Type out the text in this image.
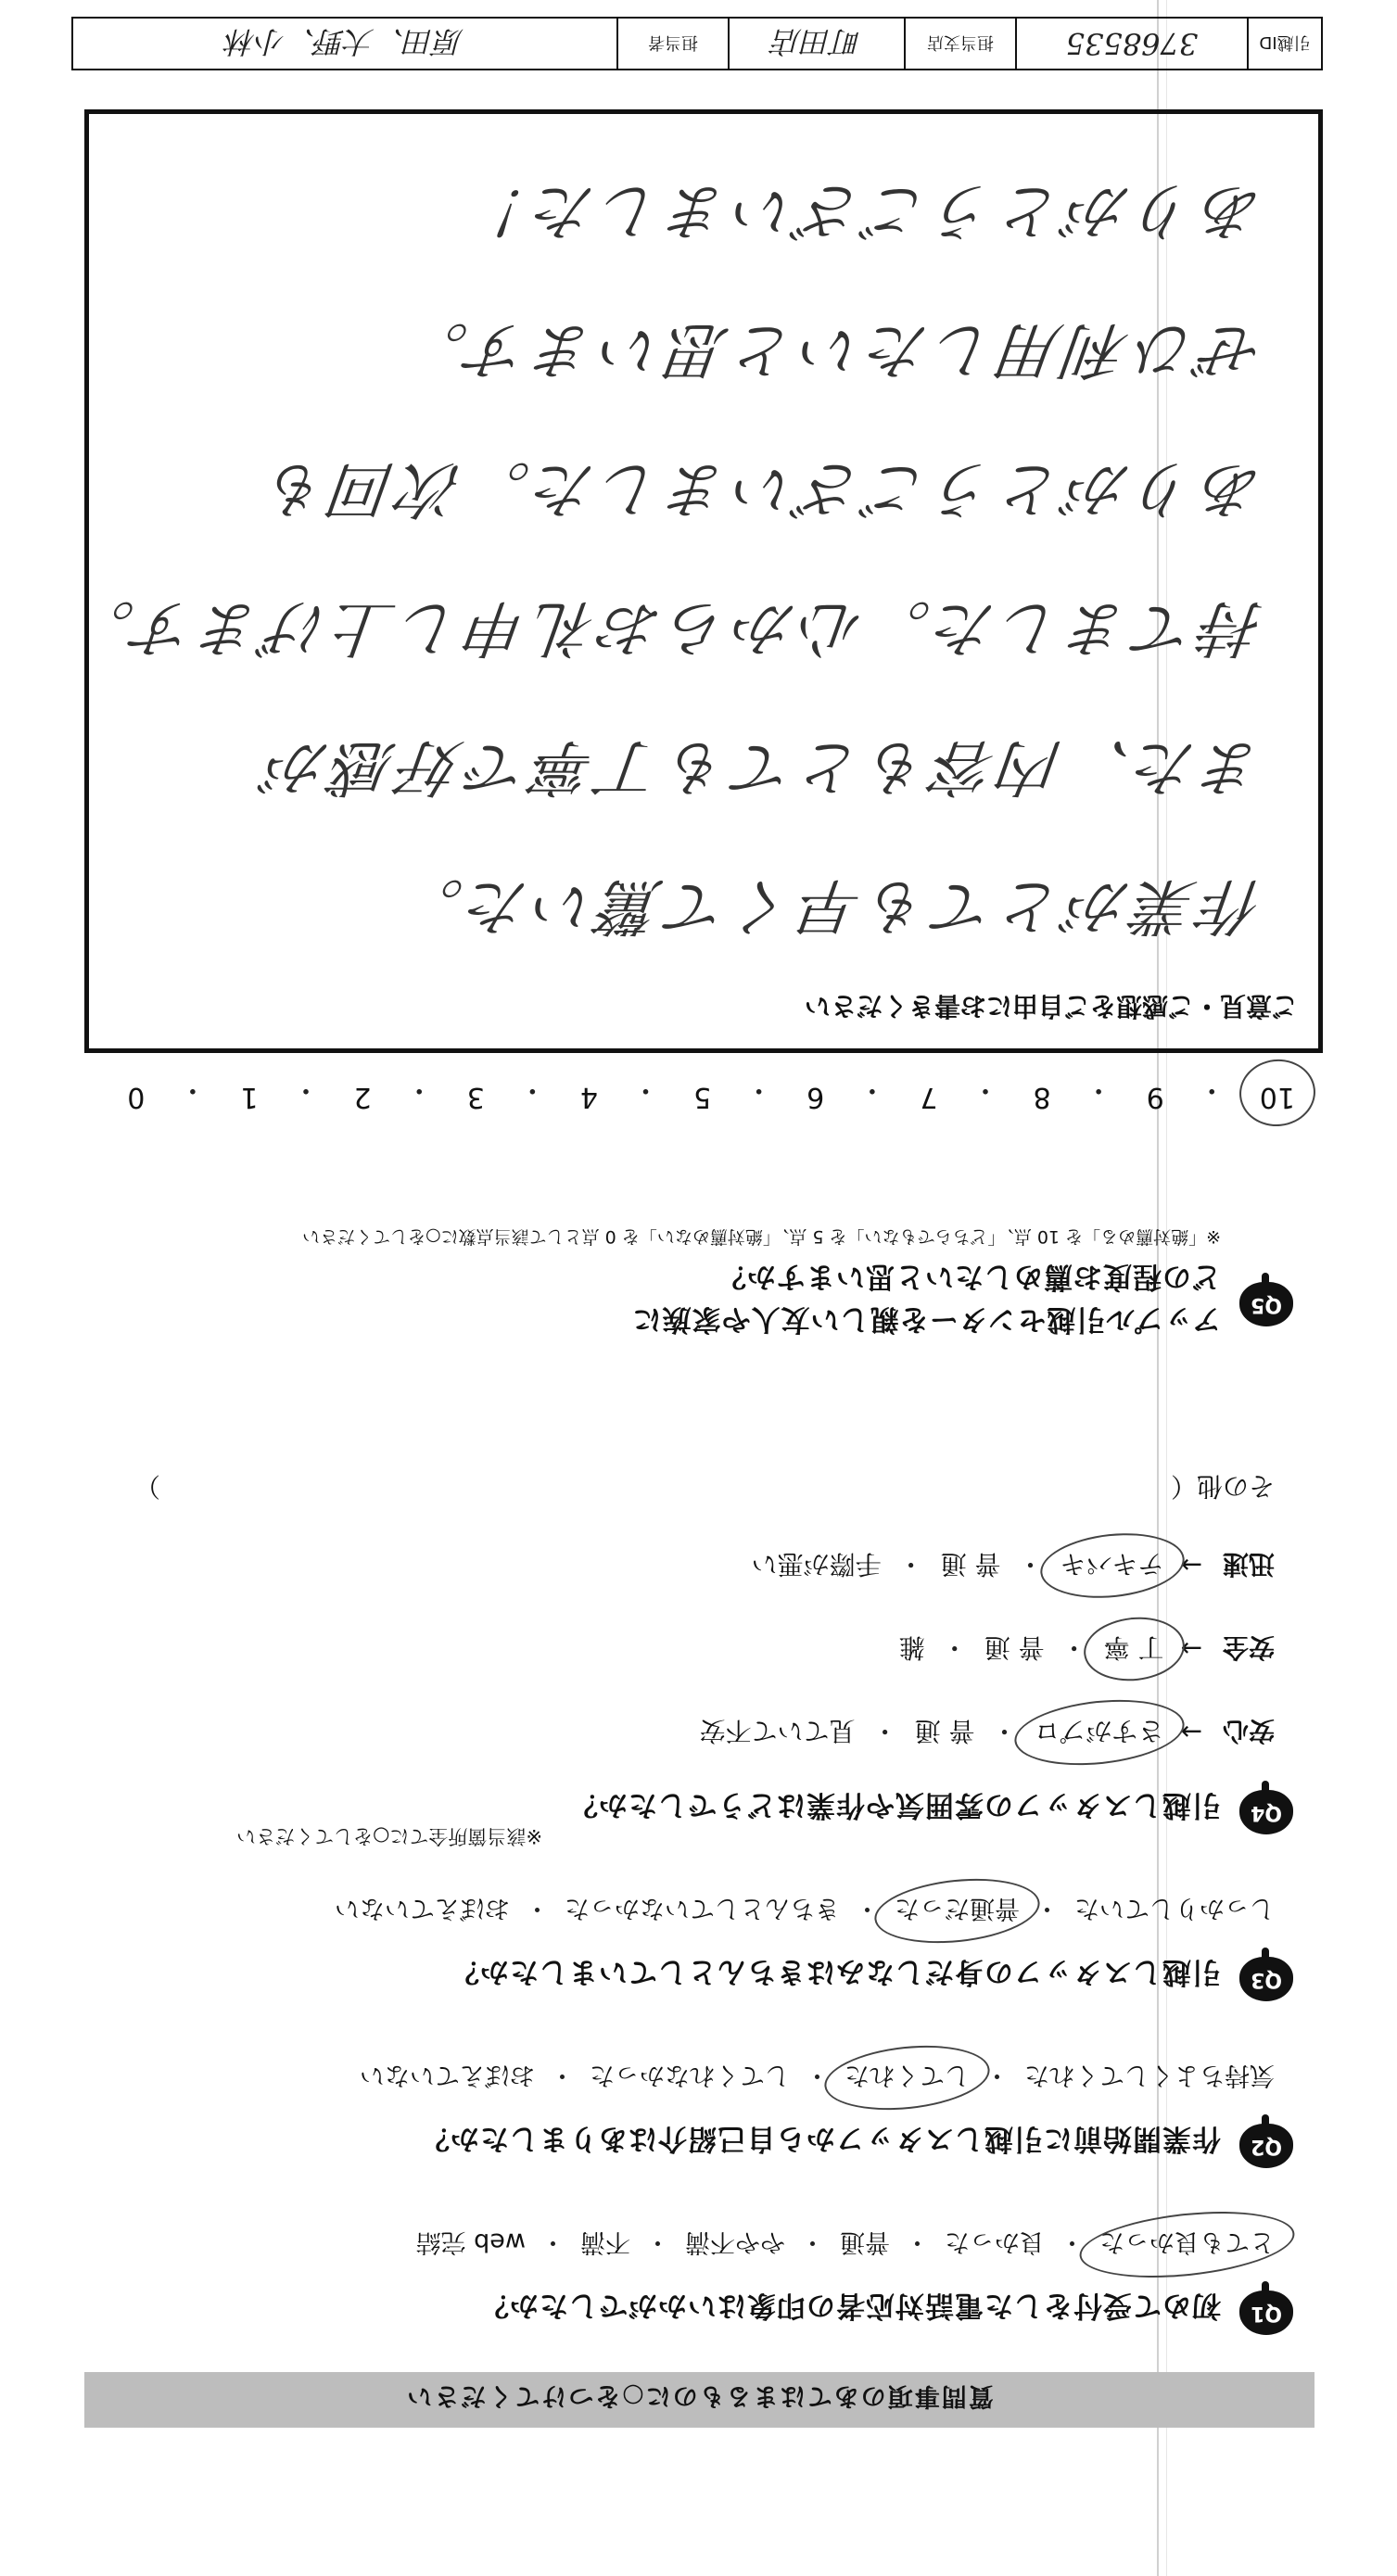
質問事項のあてはまるものに○をつけてください
Q1
初めて受付をした電話対応者の印象はいかがでしたか？
とても良かった
・
良かった
・
普通
・
やや不満
・
不満
・
web 完結
Q2
作業開始前に引越しスタッフから自己紹介はありましたか？
気持ちよくしてくれた
・
してくれた
・
してくれなかった
・
おぼえていない
Q3
引越しスタッフの身だしなみはきちんとしていましたか？
しっかりしていた
・
普通だった
・
きちんとしていなかった
・
おぼえていない
Q4
引越しスタッフの雰囲気や作業はどうでしたか？
※該当箇所全てに○をしてください
安心
→
さすがプロ
・
普 通
・
見ていて不安
安全
→
丁 寧
・
普 通
・
雑
迅速
→
テキパキ
・
普 通
・
手際が悪い
その他（
）
Q5
アップル引越センターを親しい友人や家族に
どの程度お薦めしたいと思いますか？
※「絶対薦める」を 10 点、「どちらでもない」を 5 点、「絶対薦めない」を 0 点として該当点数に○をしてください
10
・
9
・
8
・
7
・
6
・
5
・
4
・
3
・
2
・
1
・
0
ご意見・ご感想をご自由にお書きください
作業がとても早くて驚いた。
また、内容もとても丁寧で好感が
持てました。心からお礼申し上げます。
ありがとうございました。次回も
ぜひ利用したいと思います。
ありがとうございました！
引越ID
3768535
担当支店
町田店
担当者
原田、大野、小林
